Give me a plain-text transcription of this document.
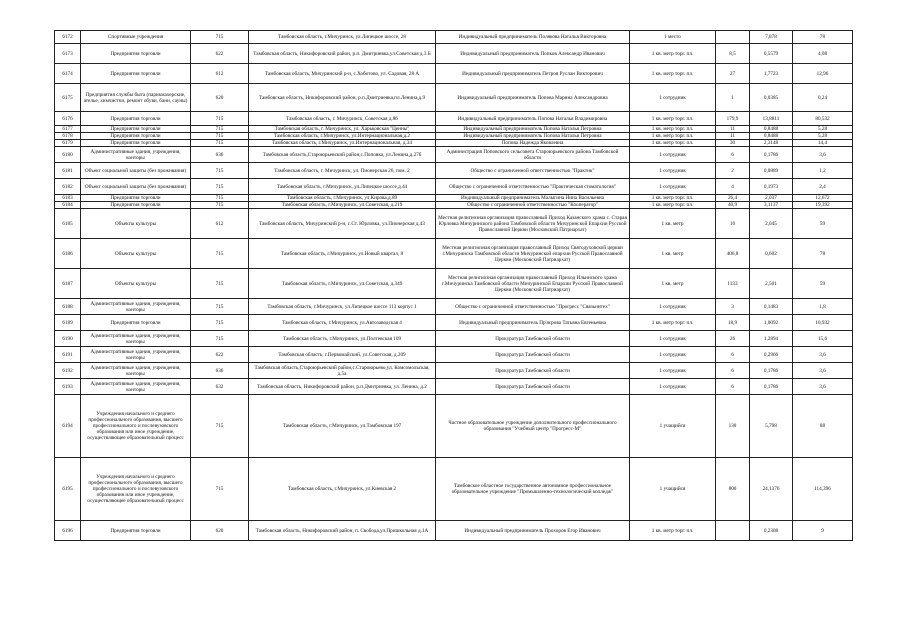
6172	Спортивные учреждения	715	Тамбовская область, г.Мичуринск, ул.Липецкое шоссе, 28	Индивидуальный предприниматель Полякова Наталья Викторовна	1 место		7,878	78
6173	Предприятия торговли	622	Тамбовская область, Никифоровский район, р.п. Дмитриевка,ул.Советская д.3 Б	Индивидуальный предприниматель Попков Александр Иванович	1 кв. метр торг. пл.	8,5	0,5579	4,08
6174	Предприятия торговли	612	Тамбовская область, Мичуринский р-н, с.Хоботово, ул. Садовая, 28 А	Индивидуальный предприниматель Петров Руслан Викторович	1 кв. метр торг. пл.	27	1,7723	12,96
6175	Предприятия службы быта (парикмахерские, ателье, химчистки, ремонт обуви, бани, сауны)	620	Тамбовская область, Никифоровский район, р.п.Дмитриевка,пл.Ленина,д.9	Индивидуальный предприниматель Попова Марина Александровна	1 сотрудник	1	0,0385	0,24
6176	Предприятия торговли	715	Тамбовская область, г. Мичуринск, Советская д.86	Индивидуальный предприниматель Попова Наталья Владимировна	1 кв. метр торг. пл.	179,9	13,8811	80,532
6177	Предприятия торговли	715	Тамбовская область, г. Мичуринск, ул. Харьковская "Ценны"	Индивидуальный предприниматель Попова Наталья Петровна	1 кв. метр торг. пл.	11	0,8488	5,28
6178	Предприятия торговли	715	Тамбовская область, г.Мичуринск, ул.Интернациональная,д.2	Индивидуальный предприниматель Попова Наталья Петровна	1 кв. метр торг. пл.	11	0,8488	5,28
6179	Предприятия торговли	715	Тамбовская область, г.Мичуринск, ул.Интернациональная, д.34	Попова Надежда Яковлевна	1 кв. метр торг. пл.	30	2,3148	14,4
6180	Административные здания, учреждения, конторы	636	Тамбовская область,Староюрьевский район,с.Поповка, ул.Ленина,д.27б	Администрация Поповского сельсовета Староюрьевского района Тамбовской области	1 сотрудник	6	0,1786	3,6
6181	Объект социальной защиты (без проживания)	715	Тамбовская область, г. Мичуринск, ул. Пионерская 26, пом. 2	Общество с ограниченной ответственностью "Практик"	1 сотрудник	2	0,0889	1,2
6182	Объект социальной защиты (без проживания)	715	Тамбовская область, г.Мичуринск, ул.Липецкое шоссе,д.44	Общество с ограниченной ответственностью "Практическая стоматология"	1 сотрудник	4	0,1973	2,4
6183	Предприятия торговли	715	Тамбовская область, г.Мичуринск, ул.Кирова,д.89	Индивидуальный предприниматель Малыгина Нина Васильевна	1 кв. метр торг. пл.	26,4	2,037	12,672
6184	Предприятия торговли	715	Тамбовская область, г.Мичуринск, ул.Советская, д.219	Общество с ограниченной ответственностью "Кооператор"	1 кв. метр торг. пл.	40,9	3,1137	19,392
6185	Объекты культуры	612	Тамбовская область, Мичуринский р-н, с.Ст. Юрловка, ул.Пионерская д.43	Местная религиозная организация православный Приход Казанского храма с. Старая Юрловка Мичуринского района Тамбовской области Мичуринской Епархии Русской Православной Церкви (Московский Патриархат)	1 кв. метр	10	2,045	59
6186	Объекты культуры	715	Тамбовская область, г.Мичуринск, ул.Новый квартал, 8	Местная религиозная организация православный Приход Святодуховской церкви г.Мичуринска Тамбовской области Мичуринской епархии Русской Православной Церкви (Московский Патриархат)	1 кв. метр	406,8	0,602	78
6187	Объекты культуры	715	Тамбовская область, г.Мичуринск, ул.Советская, д.349	Местная религиозная организация православный Приход Ильинского храма г.Мичуринска Тамбовской области Мичуринской Епархии Русской Православной Церкви (Московский Патриархат)	1 кв. метр	1133	2,501	59
6188	Административные здания, учреждения, конторы	715	Тамбовская область, г.Мичуринск, ул.Липецкое шоссе 113 корпус 1	Общество с ограниченной ответственностью "Прогресс "Связьинтех"	1 сотрудник	3	0,1483	1,8
6189	Предприятия торговли	715	Тамбовская область, г.Мичуринск, ул.Автозаводская 4	Индивидуальный предприниматель Пр'ясрова Татьяна Евгеньевна	1 кв. метр торг. пл.	18,9	1,0092	10,932
6190	Административные здания, учреждения, конторы	715	Тамбовская область, г.Мичуринск, ул.Полтевская 109	Прокуратура Тамбовской области	1 сотрудник	26	1,2894	15,6
6191	Административные здания, учреждения, конторы	622	Тамбовская область, г.Первомайский, ул.Советская, д.209	Прокуратура Тамбовской области	1 сотрудник	6	0,2966	3,6
6192	Административные здания, учреждения, конторы	636	Тамбовская область,Староюрьевский район,с.Староюрьево,ул. Комсомольская, д.5а	Прокуратура Тамбовской области	1 сотрудник	6	0,1786	3,6
6193	Административные здания, учреждения, конторы	632	Тамбовская область, Никифоровский район, р.п.Дмитриевка, ул. Ленина, д.2	Прокуратура Тамбовской области	1 сотрудник	6	0,1786	3,6
6194	Учреждения начального и среднего профессионального образования, высшего профессионального и послевузовского образования или иное учреждение, осуществляющее образовательный процесс	715	Тамбовская область, г.Мичуринск, ул.Тамбовская 197	Частное образовательное учреждение дополнительного профессионального образования "Учебный центр "Прогресс-М"	1 учащийся	130	5,798	88
6195	Учреждения начального и среднего профессионального образования, высшего профессионального и послевузовского образования или иное учреждение, осуществляющее образовательный процесс	715	Тамбовская область, г.Мичуринск, ул.Киевская 2	Тамбовское областное государственное автономное профессиональное образовательное учреждение "Промышленно-технологический колледж"	1 учащийся	800	24,1376	114,396
6196	Предприятия торговли	620	Тамбовская область, Никифоровский район, п. Свобода,ул.Пришкольная д.1А	Индивидуальный предприниматель Прохоров Егор Иванович	1 кв. метр торг. пл.		0,2308	9
